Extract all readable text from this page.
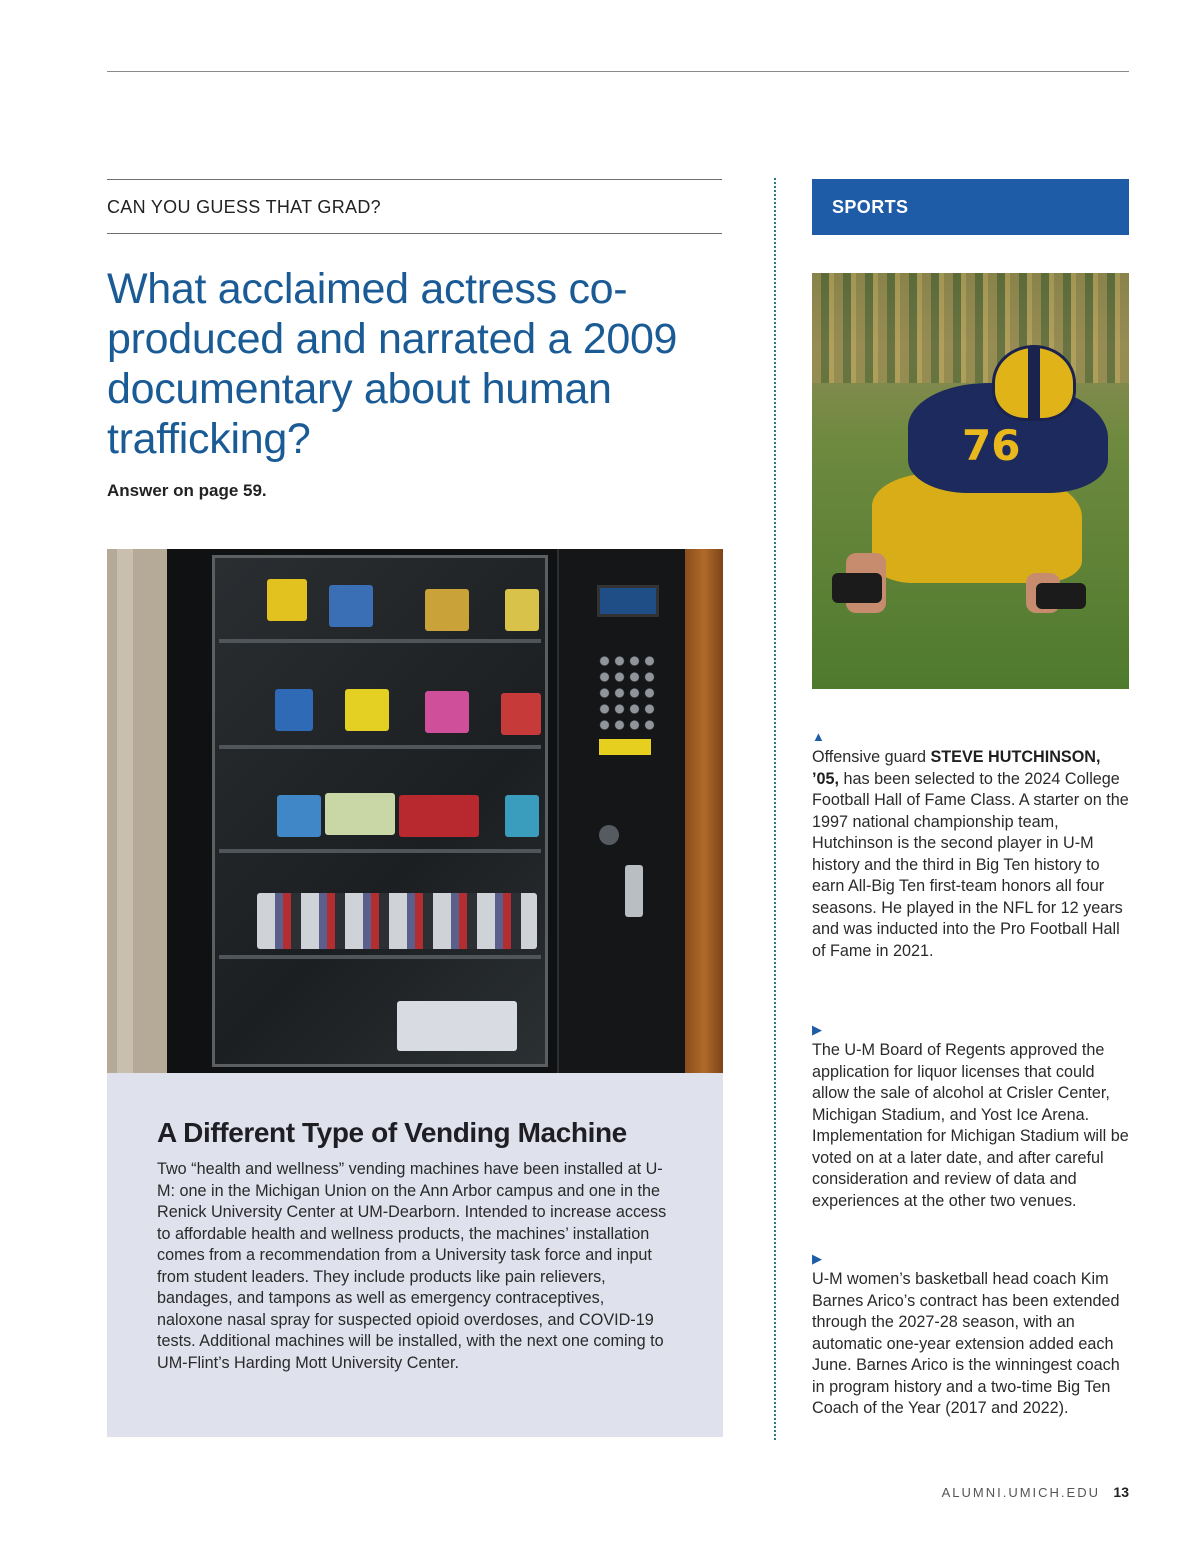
CAN YOU GUESS THAT GRAD?
What acclaimed actress co-produced and narrated a 2009 documentary about human trafficking?
Answer on page 59.
A Different Type of Vending Machine

Two “health and wellness” vending machines have been installed at U-M: one in the Michigan Union on the Ann Arbor campus and one in the Renick University Center at UM-Dearborn. Intended to increase access to affordable health and wellness products, the machines’ installation comes from a recommendation from a University task force and input from student leaders. They include products like pain relievers, bandages, and tampons as well as emergency contraceptives, naloxone nasal spray for suspected opioid overdoses, and COVID-19 tests. Additional machines will be installed, with the next one coming to UM-Flint’s Harding Mott University Center.

SPORTS
76
▲

Offensive guard STEVE HUTCHINSON, ’05, has been selected to the 2024 College Football Hall of Fame Class. A starter on the 1997 national championship team, Hutchinson is the second player in U-M history and the third in Big Ten history to earn All-Big Ten first-team honors all four seasons. He played in the NFL for 12 years and was inducted into the Pro Football Hall of Fame in 2021.

▶

The U-M Board of Regents approved the application for liquor licenses that could allow the sale of alcohol at Crisler Center, Michigan Stadium, and Yost Ice Arena. Implementation for Michigan Stadium will be voted on at a later date, and after careful consideration and review of data and experiences at the other two venues.

▶

U-M women’s basketball head coach Kim Barnes Arico’s contract has been extended through the 2027-28 season, with an automatic one-year extension added each June. Barnes Arico is the winningest coach in program history and a two-time Big Ten Coach of the Year (2017 and 2022).

ALUMNI.UMICH.EDU 13
